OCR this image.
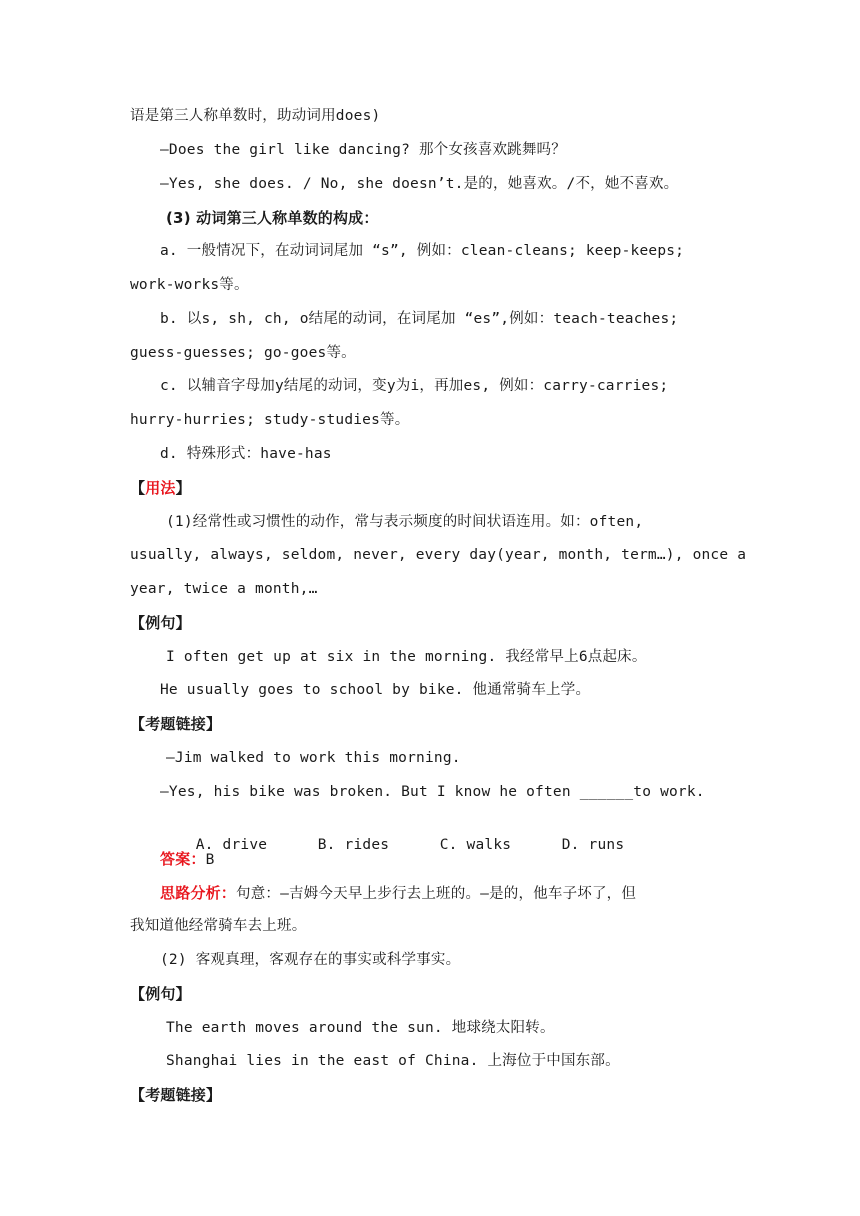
语是第三人称单数时，助动词用does)
—Does the girl like dancing? 那个女孩喜欢跳舞吗？
—Yes, she does. / No, she doesn’t.是的，她喜欢。/不，她不喜欢。
(3) 动词第三人称单数的构成：
a. 一般情况下，在动词词尾加 “s”, 例如：clean-cleans; keep-keeps;
work-works等。
b. 以s, sh, ch, o结尾的动词，在词尾加 “es”,例如：teach-teaches;
guess-guesses; go-goes等。
c. 以辅音字母加y结尾的动词，变y为i，再加es, 例如：carry-carries;
hurry-hurries; study-studies等。
d. 特殊形式：have-has
【用法】
(1)经常性或习惯性的动作，常与表示频度的时间状语连用。如：often,
usually, always, seldom, never, every day(year, month, term…), once a
year, twice a month,…
【例句】
I often get up at six in the morning. 我经常早上6点起床。
He usually goes to school by bike. 他通常骑车上学。
【考题链接】
—Jim walked to work this morning.
—Yes, his bike was broken. But I know he often ______to work.

A. drive	B. rides	C. walks	D. runs

答案：B
思路分析：句意：—吉姆今天早上步行去上班的。—是的，他车子坏了，但
我知道他经常骑车去上班。
(2) 客观真理，客观存在的事实或科学事实。
【例句】
The earth moves around the sun. 地球绕太阳转。
Shanghai lies in the east of China. 上海位于中国东部。
【考题链接】
